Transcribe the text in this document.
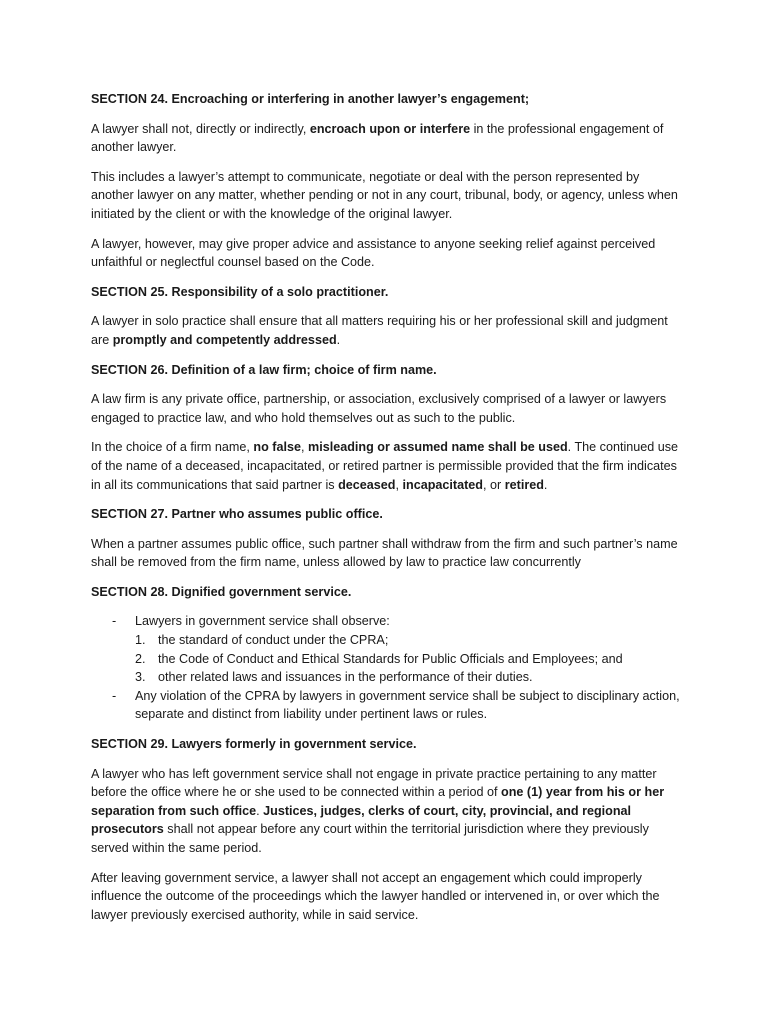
SECTION 24. Encroaching or interfering in another lawyer’s engagement;

A lawyer shall not, directly or indirectly, encroach upon or interfere in the professional engagement of another lawyer.

This includes a lawyer’s attempt to communicate, negotiate or deal with the person represented by another lawyer on any matter, whether pending or not in any court, tribunal, body, or agency, unless when initiated by the client or with the knowledge of the original lawyer.

A lawyer, however, may give proper advice and assistance to anyone seeking relief against perceived unfaithful or neglectful counsel based on the Code.

SECTION 25. Responsibility of a solo practitioner.

A lawyer in solo practice shall ensure that all matters requiring his or her professional skill and judgment are promptly and competently addressed.

SECTION 26. Definition of a law firm; choice of firm name.

A law firm is any private office, partnership, or association, exclusively comprised of a lawyer or lawyers engaged to practice law, and who hold themselves out as such to the public.

In the choice of a firm name, no false, misleading or assumed name shall be used. The continued use of the name of a deceased, incapacitated, or retired partner is permissible provided that the firm indicates in all its communications that said partner is deceased, incapacitated, or retired.

SECTION 27. Partner who assumes public office.

When a partner assumes public office, such partner shall withdraw from the firm and such partner’s name shall be removed from the firm name, unless allowed by law to practice law concurrently

SECTION 28. Dignified government service.
- Lawyers in government service shall observe:
1. the standard of conduct under the CPRA;
2. the Code of Conduct and Ethical Standards for Public Officials and Employees; and
3. other related laws and issuances in the performance of their duties.
- Any violation of the CPRA by lawyers in government service shall be subject to disciplinary action, separate and distinct from liability under pertinent laws or rules.
SECTION 29. Lawyers formerly in government service.

A lawyer who has left government service shall not engage in private practice pertaining to any matter before the office where he or she used to be connected within a period of one (1) year from his or her separation from such office. Justices, judges, clerks of court, city, provincial, and regional prosecutors shall not appear before any court within the territorial jurisdiction where they previously served within the same period.

After leaving government service, a lawyer shall not accept an engagement which could improperly influence the outcome of the proceedings which the lawyer handled or intervened in, or over which the lawyer previously exercised authority, while in said service.
